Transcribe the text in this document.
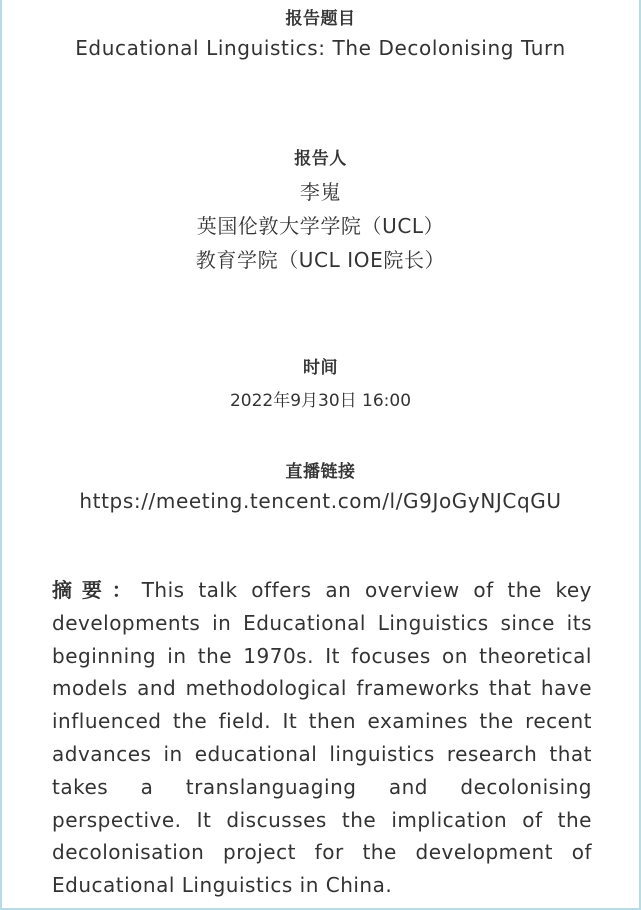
报告题目
Educational Linguistics: The Decolonising Turn
报告人
李嵬
英国伦敦大学学院（UCL）
教育学院（UCL IOE院长）
时间
2022年9月30日 16:00
直播链接
https://meeting.tencent.com/l/G9JoGyNJCqGU

摘要：This talk offers an overview of the key developments in Educational Linguistics since its beginning in the 1970s. It focuses on theoretical models and methodological frameworks that have influenced the field. It then examines the recent advances in educational linguistics research that takes a translanguaging and decolonising perspective. It discusses the implication of the decolonisation project for the development of Educational Linguistics in China.
